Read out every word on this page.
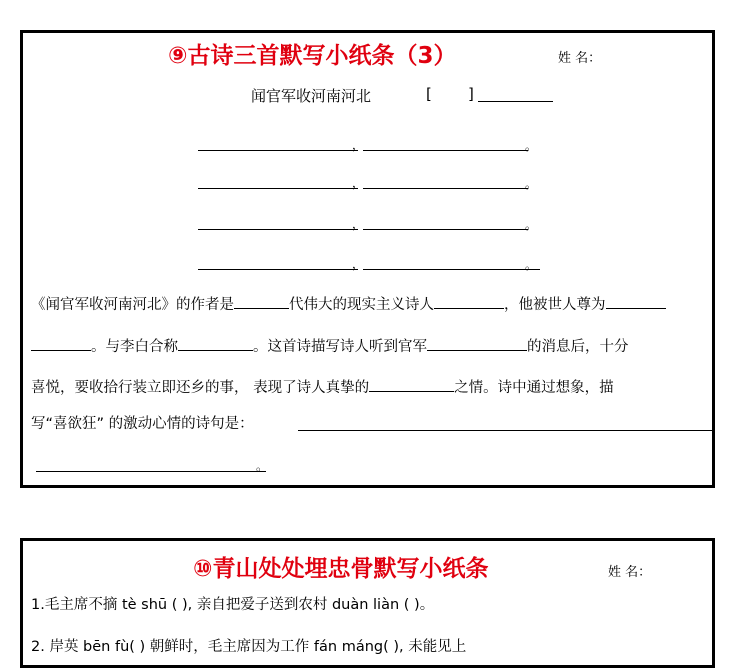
⑨古诗三首默写小纸条（3）	姓 名：
闻官军收河南河北	[ ]
，	。
，	。
，	。
，	。
《闻官军收河南河北》的作者是	代伟大的现实主义诗人	，他被世人尊为
。与李白合称	。这首诗描写诗人听到官军	的消息后，十分
喜悦，要收拾行装立即还乡的事， 表现了诗人真挚的	之情。诗中通过想象，描
写“喜欲狂” 的激动心情的诗句是：
。
⑩青山处处埋忠骨默写小纸条	姓 名：
1.毛主席不摘 tè shū ( ), 亲自把爱子送到农村 duàn liàn ( )。
2. 岸英 bēn fù( ) 朝鲜时，毛主席因为工作 fán máng( ), 未能见上
